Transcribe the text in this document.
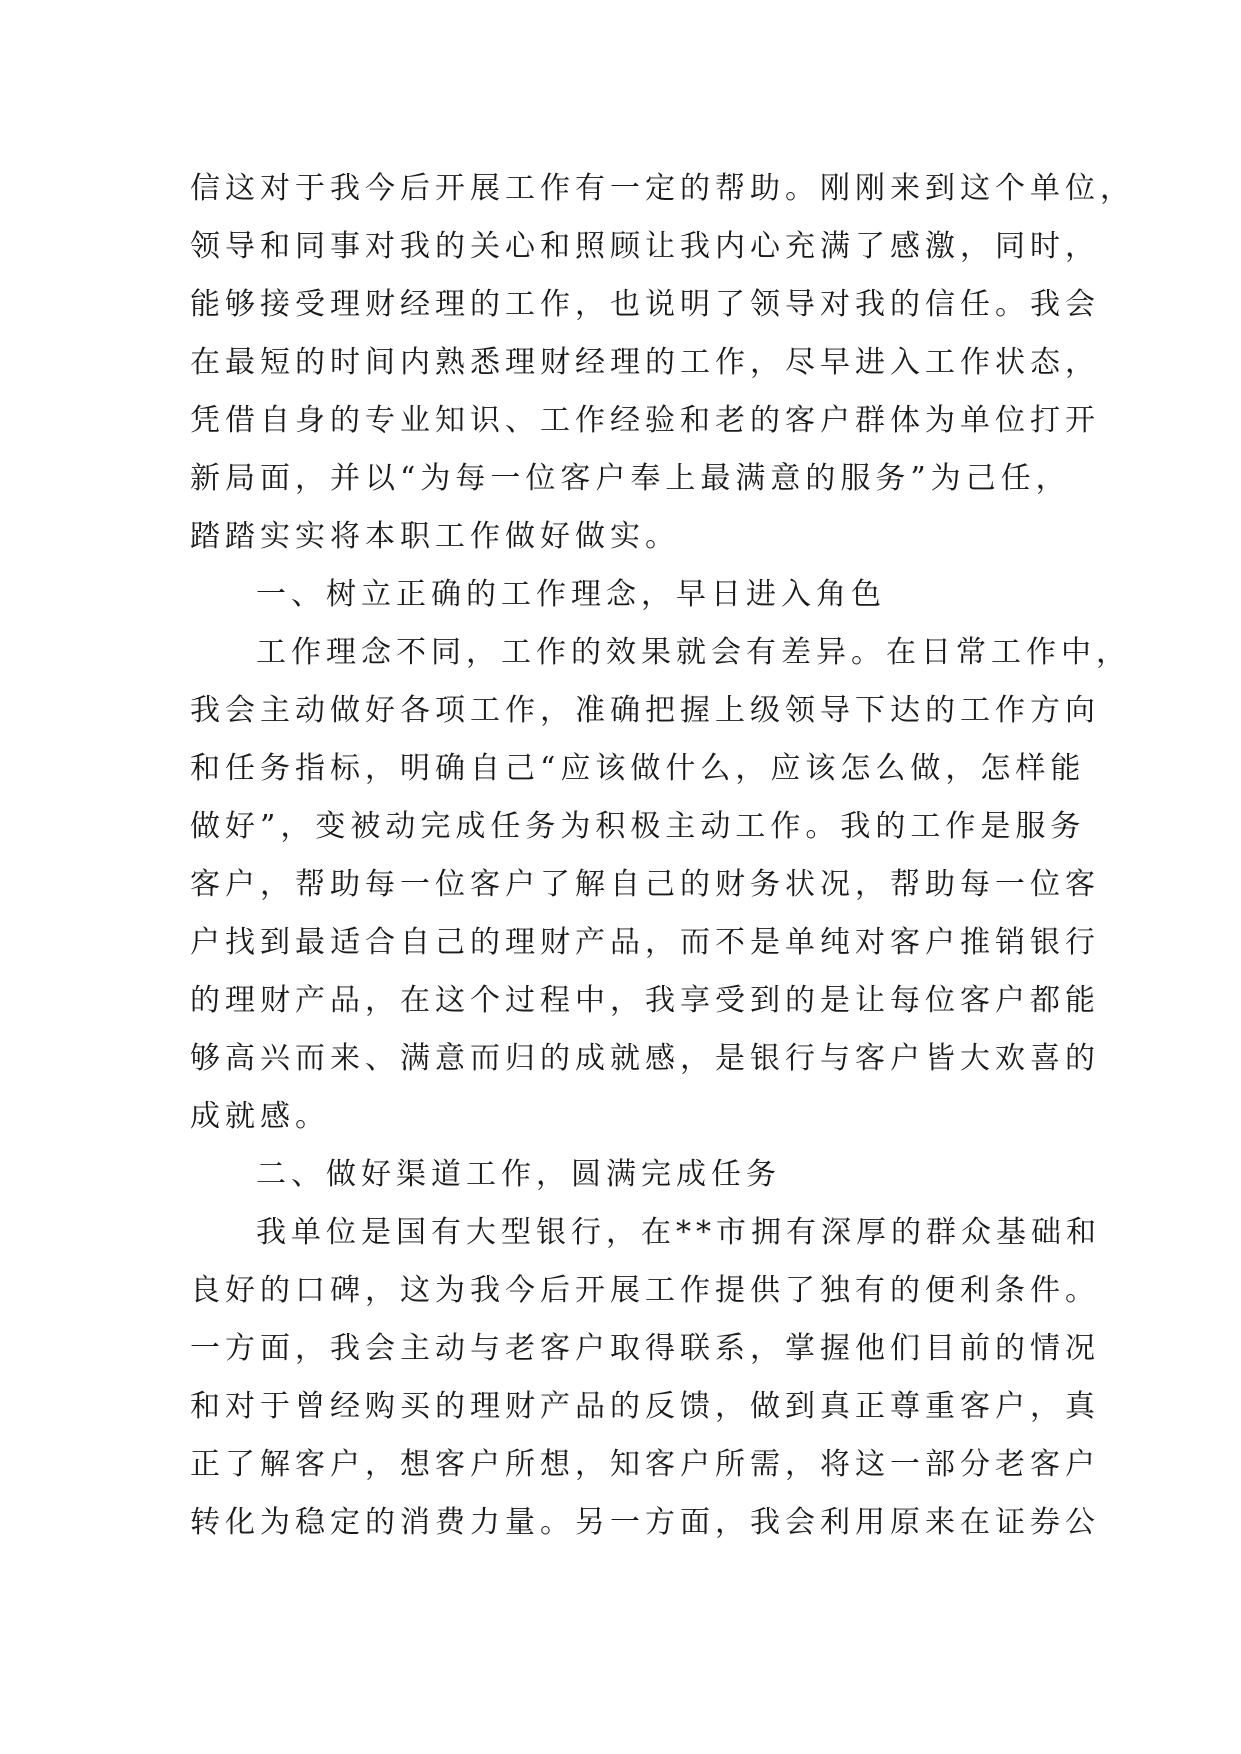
信这对于我今后开展工作有一定的帮助。刚刚来到这个单位，
领导和同事对我的关心和照顾让我内心充满了感激，同时，
能够接受理财经理的工作，也说明了领导对我的信任。我会
在最短的时间内熟悉理财经理的工作，尽早进入工作状态，
凭借自身的专业知识、工作经验和老的客户群体为单位打开
新局面，并以“为每一位客户奉上最满意的服务”为己任，
踏踏实实将本职工作做好做实。
一、树立正确的工作理念，早日进入角色
工作理念不同，工作的效果就会有差异。在日常工作中，
我会主动做好各项工作，准确把握上级领导下达的工作方向
和任务指标，明确自己“应该做什么，应该怎么做，怎样能
做好”，变被动完成任务为积极主动工作。我的工作是服务
客户，帮助每一位客户了解自己的财务状况，帮助每一位客
户找到最适合自己的理财产品，而不是单纯对客户推销银行
的理财产品，在这个过程中，我享受到的是让每位客户都能
够高兴而来、满意而归的成就感，是银行与客户皆大欢喜的
成就感。
二、做好渠道工作，圆满完成任务
我单位是国有大型银行，在**市拥有深厚的群众基础和
良好的口碑，这为我今后开展工作提供了独有的便利条件。
一方面，我会主动与老客户取得联系，掌握他们目前的情况
和对于曾经购买的理财产品的反馈，做到真正尊重客户，真
正了解客户，想客户所想，知客户所需，将这一部分老客户
转化为稳定的消费力量。另一方面，我会利用原来在证券公
